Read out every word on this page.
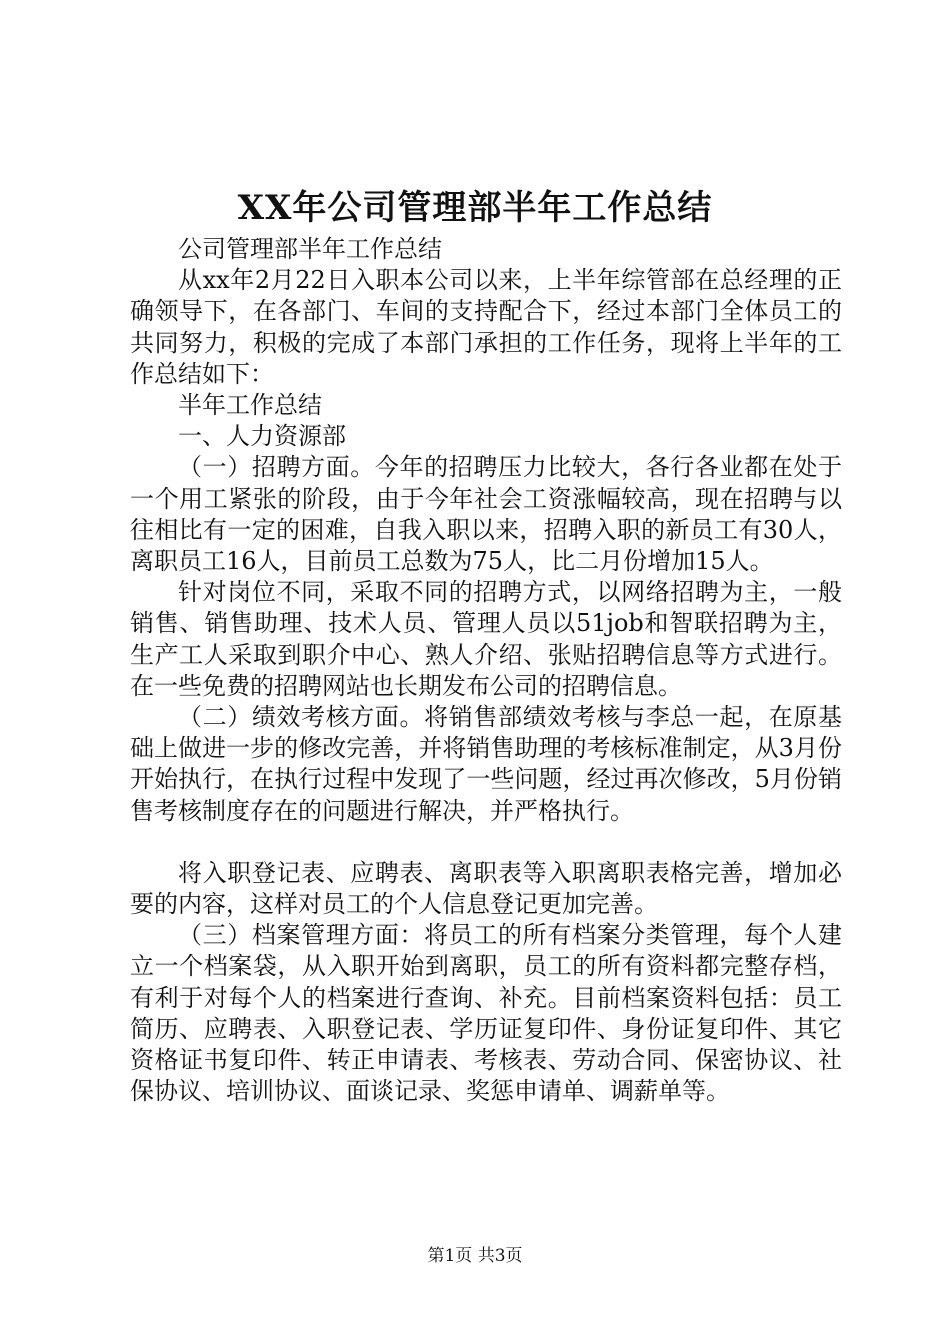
XX年公司管理部半年工作总结

公司管理部半年工作总结

从xx年2月22日入职本公司以来，上半年综管部在总经理的正确领导下，在各部门、车间的支持配合下，经过本部门全体员工的共同努力，积极的完成了本部门承担的工作任务，现将上半年的工作总结如下：

半年工作总结

一、人力资源部

（一）招聘方面。今年的招聘压力比较大，各行各业都在处于一个用工紧张的阶段，由于今年社会工资涨幅较高，现在招聘与以往相比有一定的困难，自我入职以来，招聘入职的新员工有30人，离职员工16人，目前员工总数为75人，比二月份增加15人。

针对岗位不同，采取不同的招聘方式，以网络招聘为主，一般销售、销售助理、技术人员、管理人员以51job和智联招聘为主，生产工人采取到职介中心、熟人介绍、张贴招聘信息等方式进行。在一些免费的招聘网站也长期发布公司的招聘信息。

（二）绩效考核方面。将销售部绩效考核与李总一起，在原基础上做进一步的修改完善，并将销售助理的考核标准制定，从3月份开始执行，在执行过程中发现了一些问题，经过再次修改，5月份销售考核制度存在的问题进行解决，并严格执行。

将入职登记表、应聘表、离职表等入职离职表格完善，增加必要的内容，这样对员工的个人信息登记更加完善。

（三）档案管理方面：将员工的所有档案分类管理，每个人建立一个档案袋，从入职开始到离职，员工的所有资料都完整存档，有利于对每个人的档案进行查询、补充。目前档案资料包括：员工简历、应聘表、入职登记表、学历证复印件、身份证复印件、其它资格证书复印件、转正申请表、考核表、劳动合同、保密协议、社保协议、培训协议、面谈记录、奖惩申请单、调薪单等。

第1页 共3页
